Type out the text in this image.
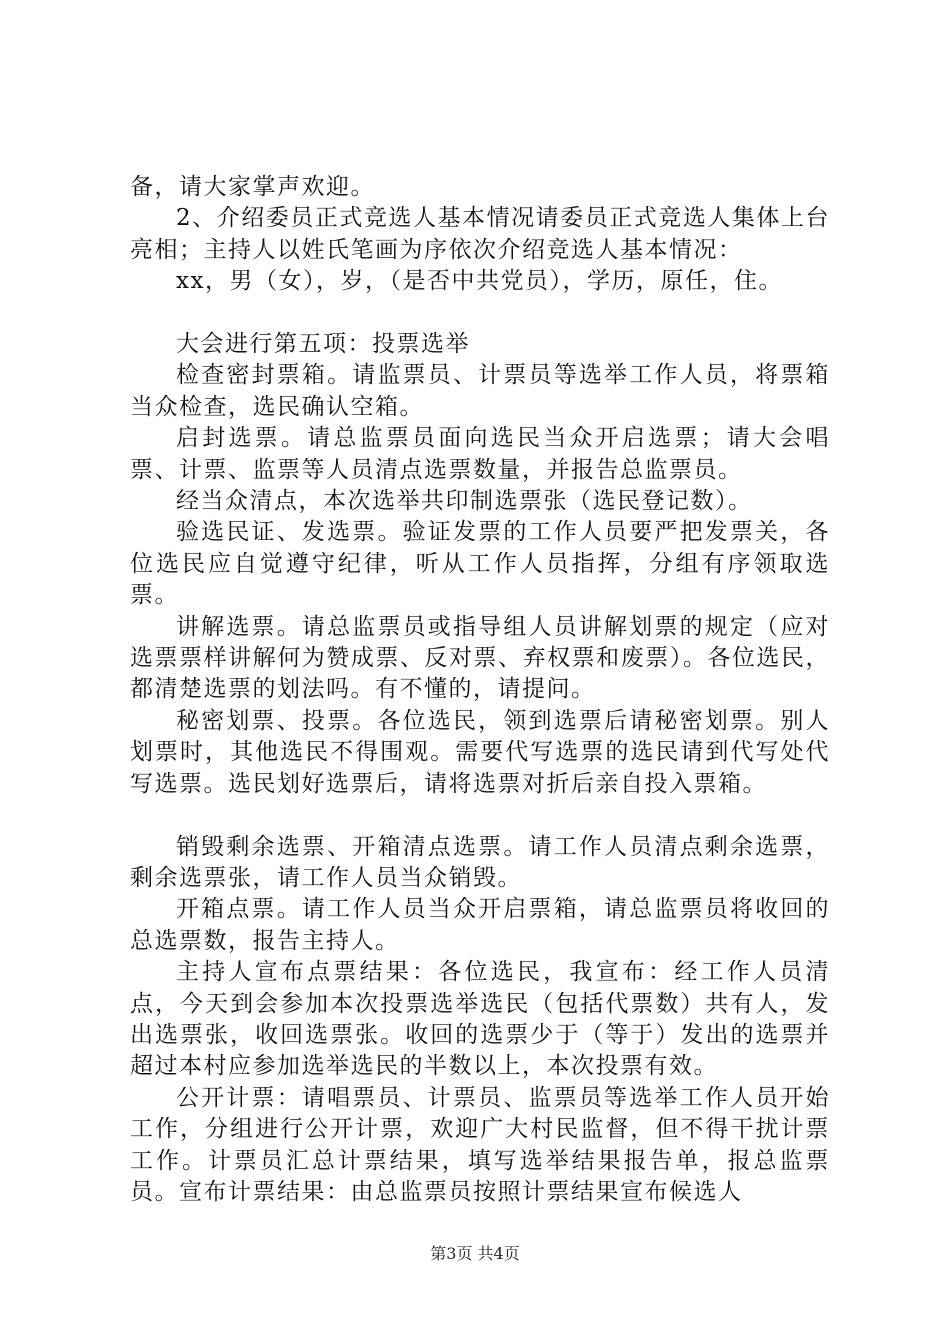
备，请大家掌声欢迎。

2、介绍委员正式竞选人基本情况请委员正式竞选人集体上台亮相；主持人以姓氏笔画为序依次介绍竞选人基本情况：

xx，男（女），岁，（是否中共党员），学历，原任，住。

大会进行第五项：投票选举

检查密封票箱。请监票员、计票员等选举工作人员，将票箱当众检查，选民确认空箱。

启封选票。请总监票员面向选民当众开启选票；请大会唱票、计票、监票等人员清点选票数量，并报告总监票员。

经当众清点，本次选举共印制选票张（选民登记数）。

验选民证、发选票。验证发票的工作人员要严把发票关，各位选民应自觉遵守纪律，听从工作人员指挥，分组有序领取选票。

讲解选票。请总监票员或指导组人员讲解划票的规定（应对选票票样讲解何为赞成票、反对票、弃权票和废票）。各位选民，都清楚选票的划法吗。有不懂的，请提问。

秘密划票、投票。各位选民，领到选票后请秘密划票。别人划票时，其他选民不得围观。需要代写选票的选民请到代写处代写选票。选民划好选票后，请将选票对折后亲自投入票箱。

销毁剩余选票、开箱清点选票。请工作人员清点剩余选票，剩余选票张，请工作人员当众销毁。

开箱点票。请工作人员当众开启票箱，请总监票员将收回的总选票数，报告主持人。

主持人宣布点票结果：各位选民，我宣布：经工作人员清点，今天到会参加本次投票选举选民（包括代票数）共有人，发出选票张，收回选票张。收回的选票少于（等于）发出的选票并超过本村应参加选举选民的半数以上，本次投票有效。

公开计票：请唱票员、计票员、监票员等选举工作人员开始工作，分组进行公开计票，欢迎广大村民监督，但不得干扰计票工作。计票员汇总计票结果，填写选举结果报告单，报总监票员。宣布计票结果：由总监票员按照计票结果宣布候选人

第3页 共4页
